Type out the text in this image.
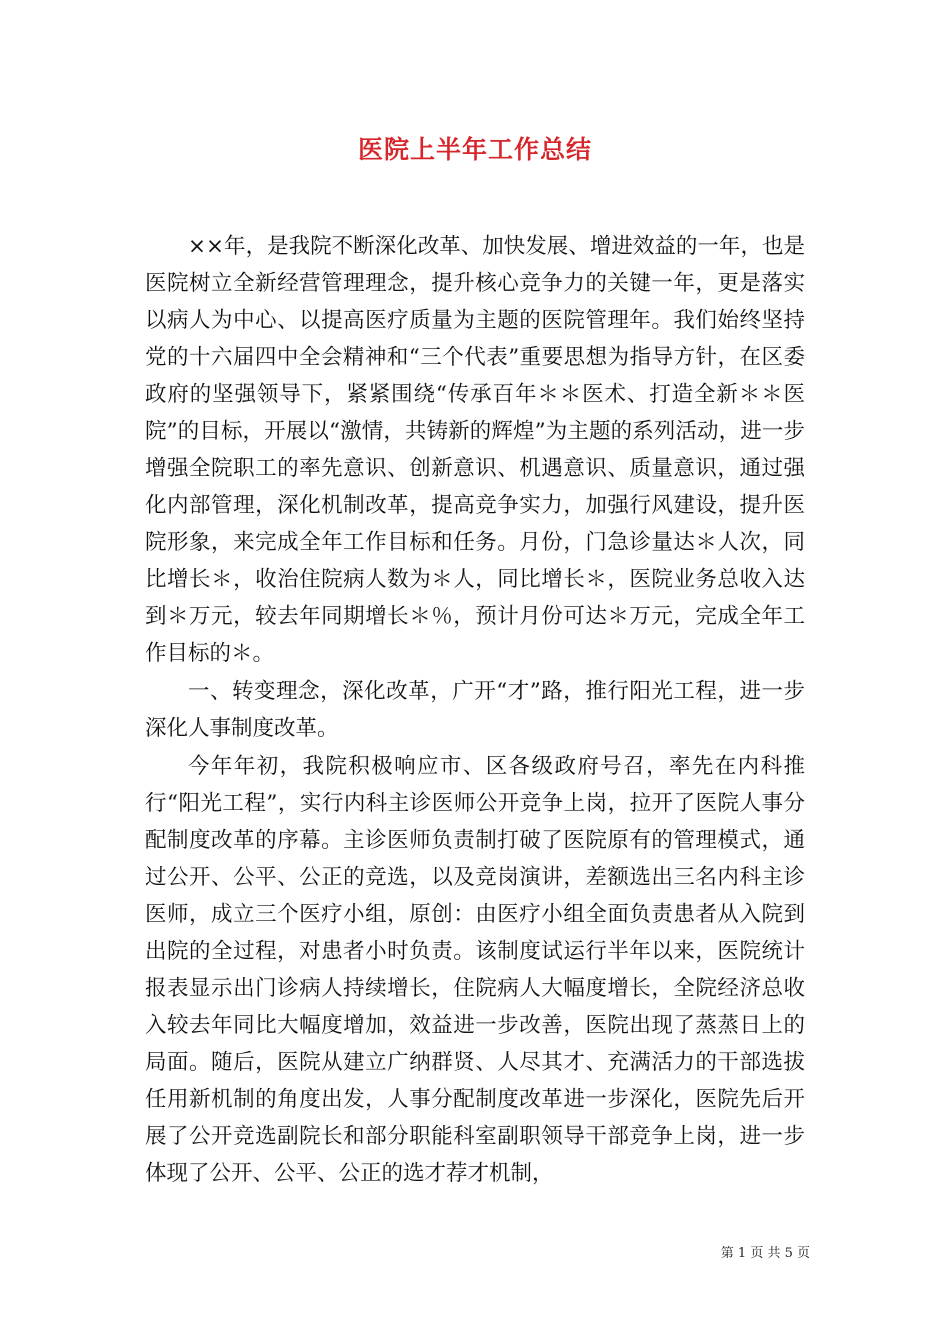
医院上半年工作总结

××年，是我院不断深化改革、加快发展、增进效益的一年，也是医院树立全新经营管理理念，提升核心竞争力的关键一年，更是落实以病人为中心、以提高医疗质量为主题的医院管理年。我们始终坚持党的十六届四中全会精神和“三个代表”重要思想为指导方针，在区委政府的坚强领导下，紧紧围绕“传承百年＊＊医术、打造全新＊＊医院”的目标，开展以“激情，共铸新的辉煌”为主题的系列活动，进一步增强全院职工的率先意识、创新意识、机遇意识、质量意识，通过强化内部管理，深化机制改革，提高竞争实力，加强行风建设，提升医院形象，来完成全年工作目标和任务。月份，门急诊量达＊人次，同比增长＊，收治住院病人数为＊人，同比增长＊，医院业务总收入达到＊万元，较去年同期增长＊％，预计月份可达＊万元，完成全年工作目标的＊。

一、转变理念，深化改革，广开“才”路，推行阳光工程，进一步深化人事制度改革。

今年年初，我院积极响应市、区各级政府号召，率先在内科推行“阳光工程”，实行内科主诊医师公开竞争上岗，拉开了医院人事分配制度改革的序幕。主诊医师负责制打破了医院原有的管理模式，通过公开、公平、公正的竞选，以及竞岗演讲，差额选出三名内科主诊医师，成立三个医疗小组，原创：由医疗小组全面负责患者从入院到出院的全过程，对患者小时负责。该制度试运行半年以来，医院统计报表显示出门诊病人持续增长，住院病人大幅度增长，全院经济总收入较去年同比大幅度增加，效益进一步改善，医院出现了蒸蒸日上的局面。随后，医院从建立广纳群贤、人尽其才、充满活力的干部选拔任用新机制的角度出发，人事分配制度改革进一步深化，医院先后开展了公开竞选副院长和部分职能科室副职领导干部竞争上岗，进一步体现了公开、公平、公正的选才荐才机制，

第 1 页 共 5 页
